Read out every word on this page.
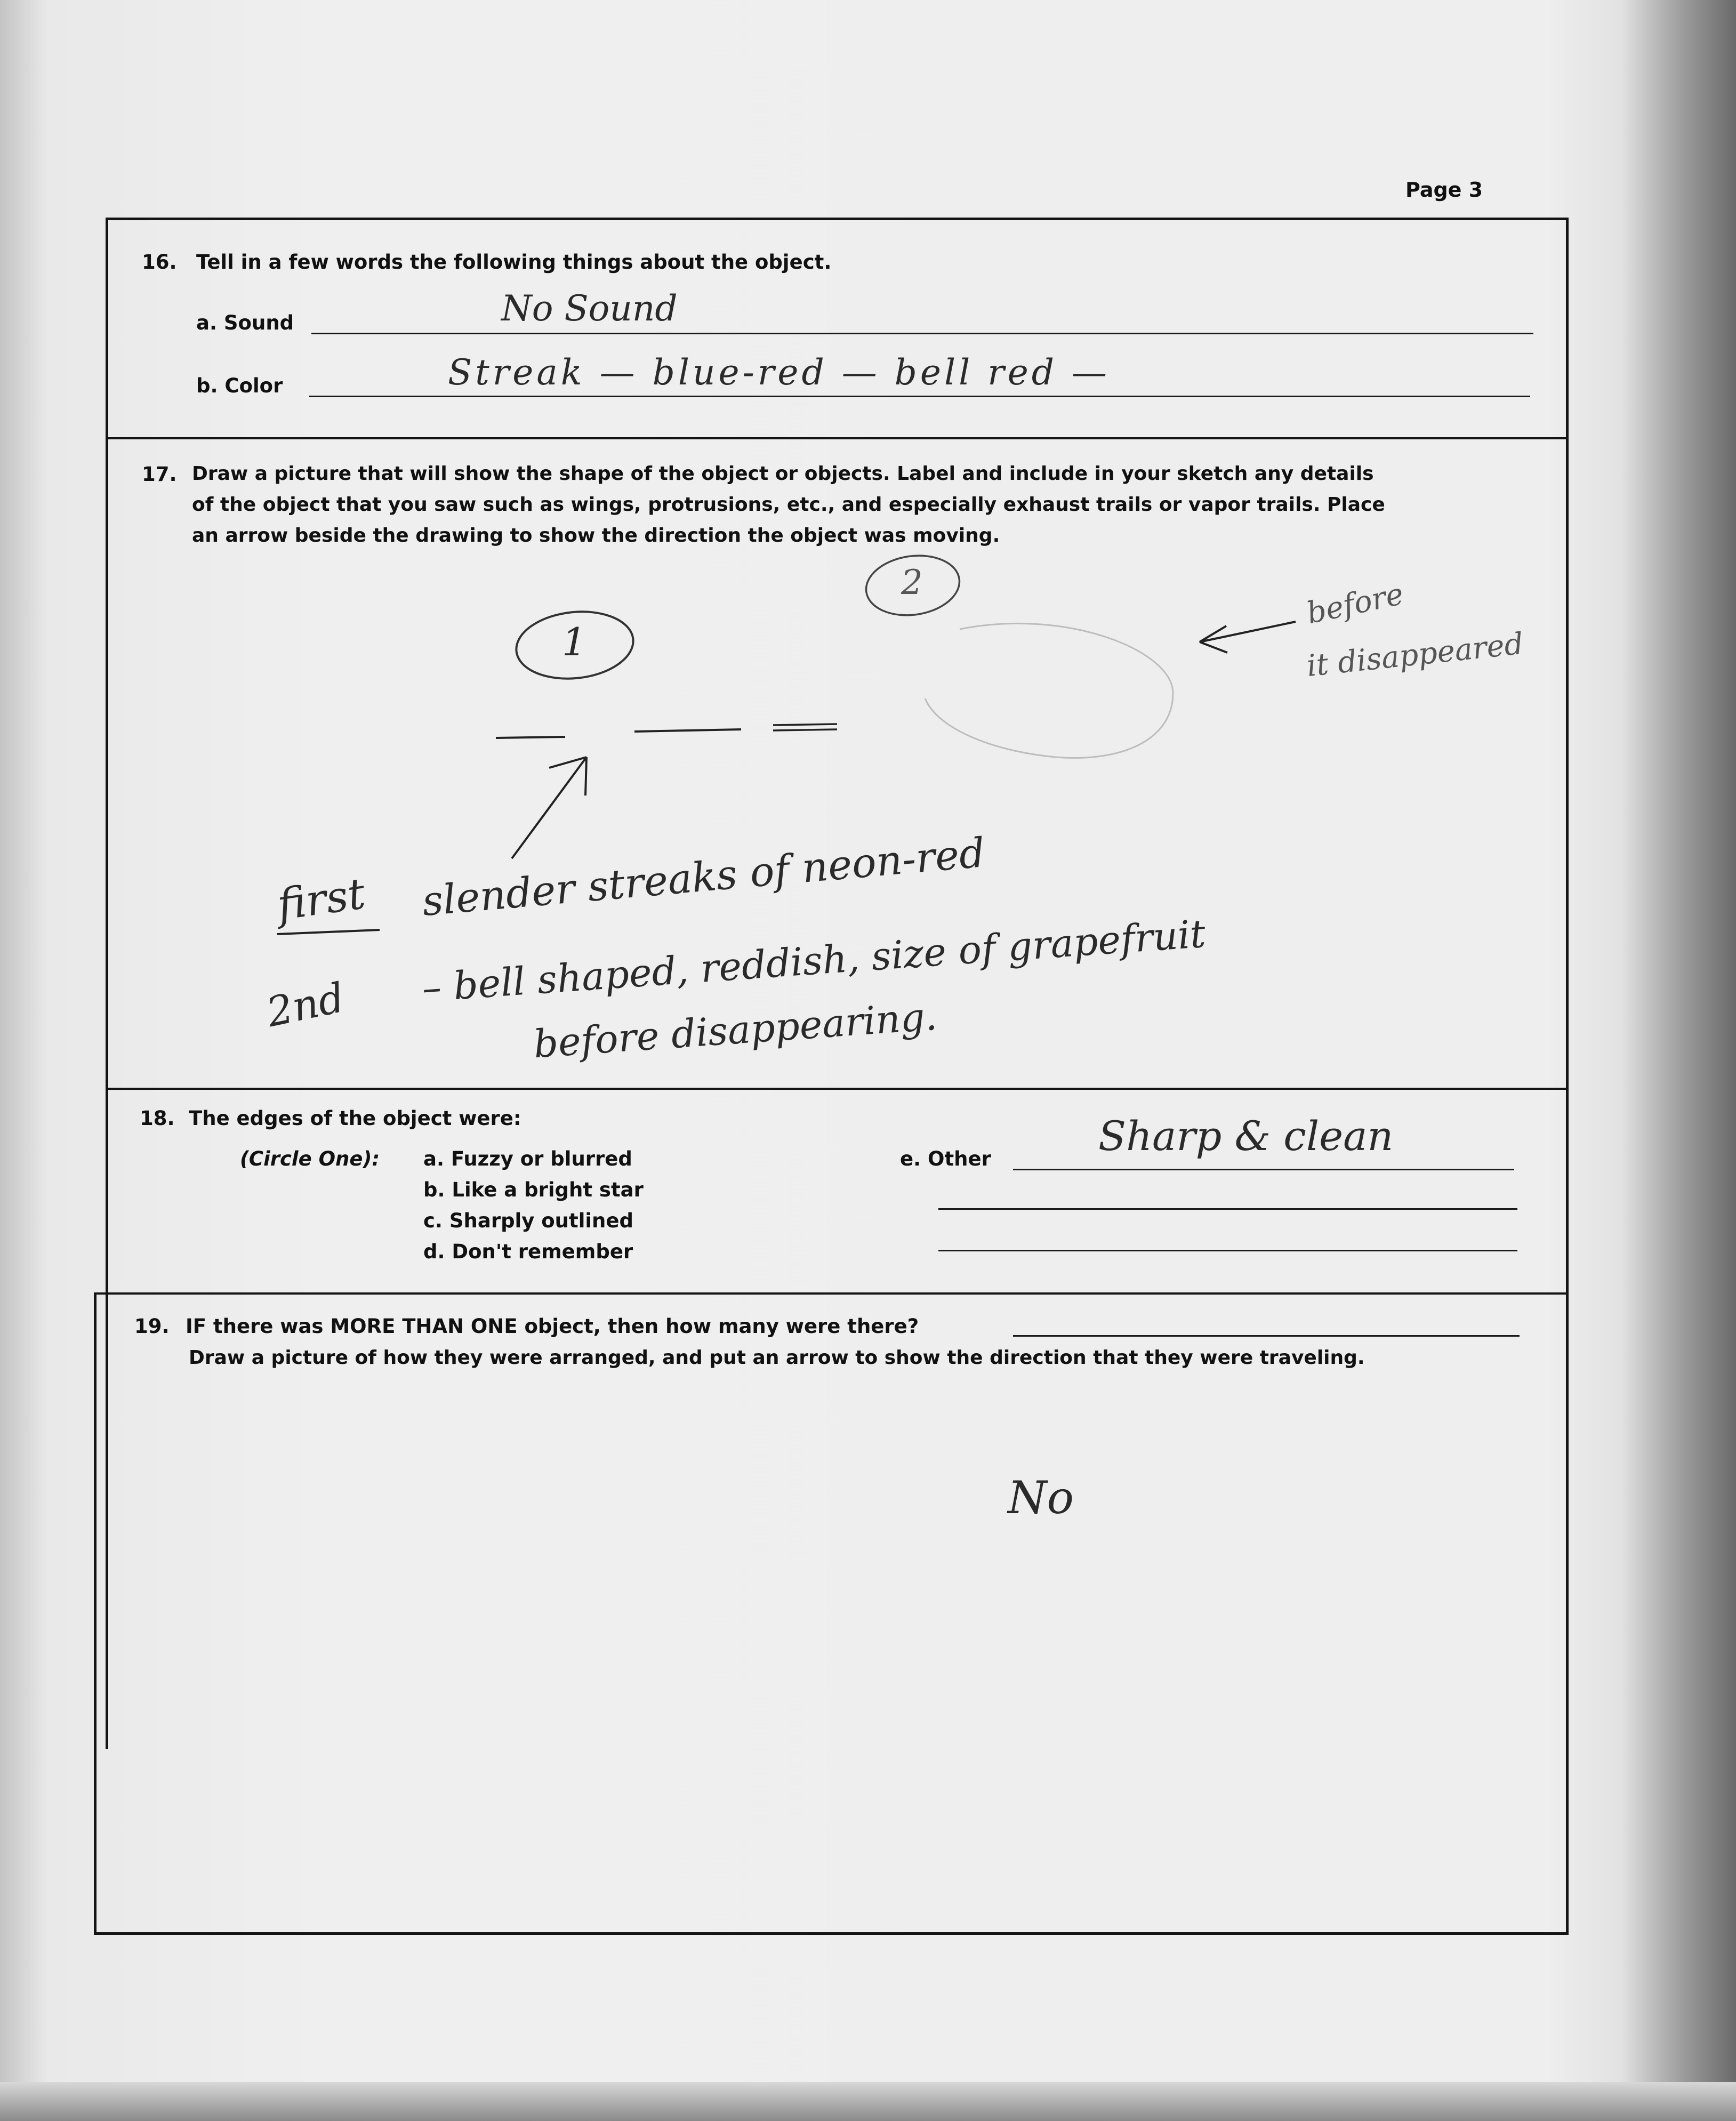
Page 3
16. Tell in a few words the following things about the object.
a. Sound	No Sound
b. Color	Streak — blue-red — bell red —
17. Draw a picture that will show the shape of the object or objects. Label and include in your sketch any details
of the object that you saw such as wings, protrusions, etc., and especially exhaust trails or vapor trails. Place
an arrow beside the drawing to show the direction the object was moving.
1
2	before
it disappeared
first slender streaks of neon-red
2nd – bell shaped, reddish, size of grapefruit
before disappearing.
18. The edges of the object were:
(Circle One): a. Fuzzy or blurred
b. Like a bright star
c. Sharply outlined
d. Don't remember
e. Other	Sharp & clean
19. IF there was MORE THAN ONE object, then how many were there?
Draw a picture of how they were arranged, and put an arrow to show the direction that they were traveling.
No
